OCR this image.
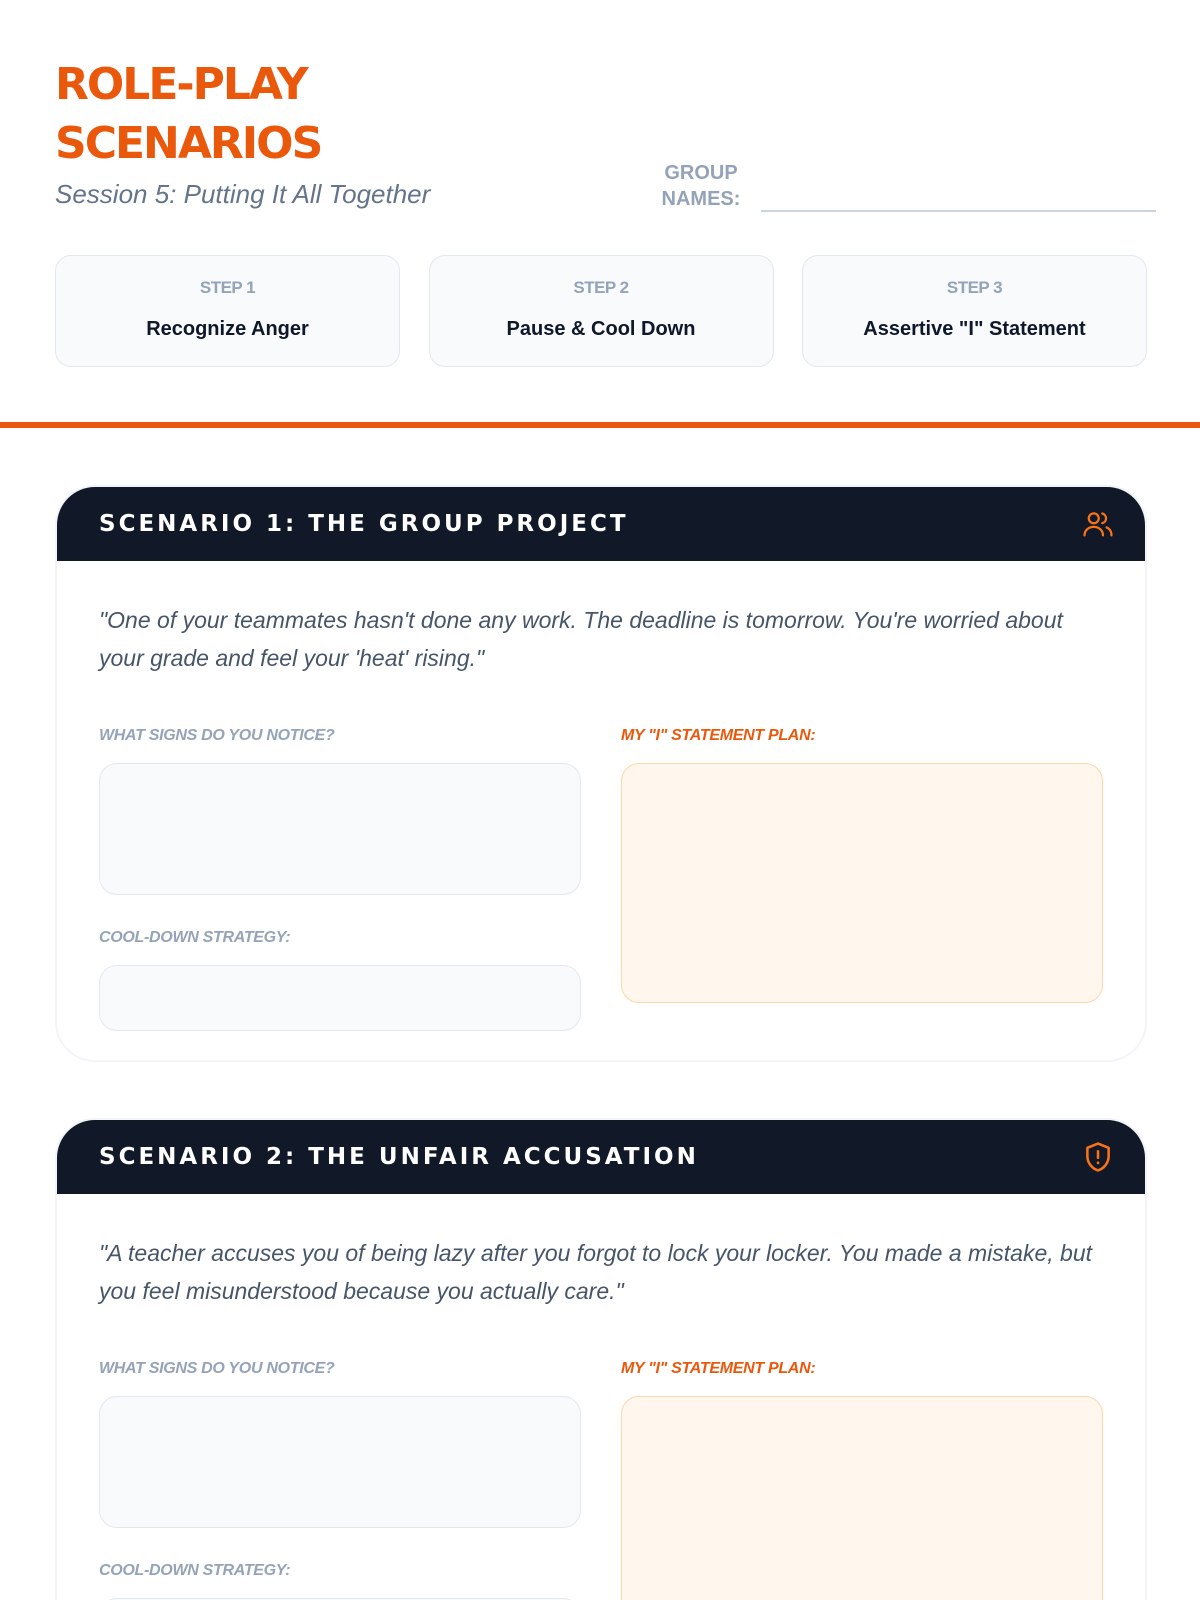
ROLE-PLAY
SCENARIOS
Session 5: Putting It All Together
GROUP
NAMES:
STEP 1
Recognize Anger
STEP 2
Pause & Cool Down
STEP 3
Assertive "I" Statement
SCENARIO 1: THE GROUP PROJECT
"One of your teammates hasn't done any work. The deadline is tomorrow. You're worried about your grade and feel your 'heat' rising."
WHAT SIGNS DO YOU NOTICE?
COOL-DOWN STRATEGY:
MY "I" STATEMENT PLAN:
SCENARIO 2: THE UNFAIR ACCUSATION
"A teacher accuses you of being lazy after you forgot to lock your locker. You made a mistake, but you feel misunderstood because you actually care."
WHAT SIGNS DO YOU NOTICE?
COOL-DOWN STRATEGY:
MY "I" STATEMENT PLAN:
